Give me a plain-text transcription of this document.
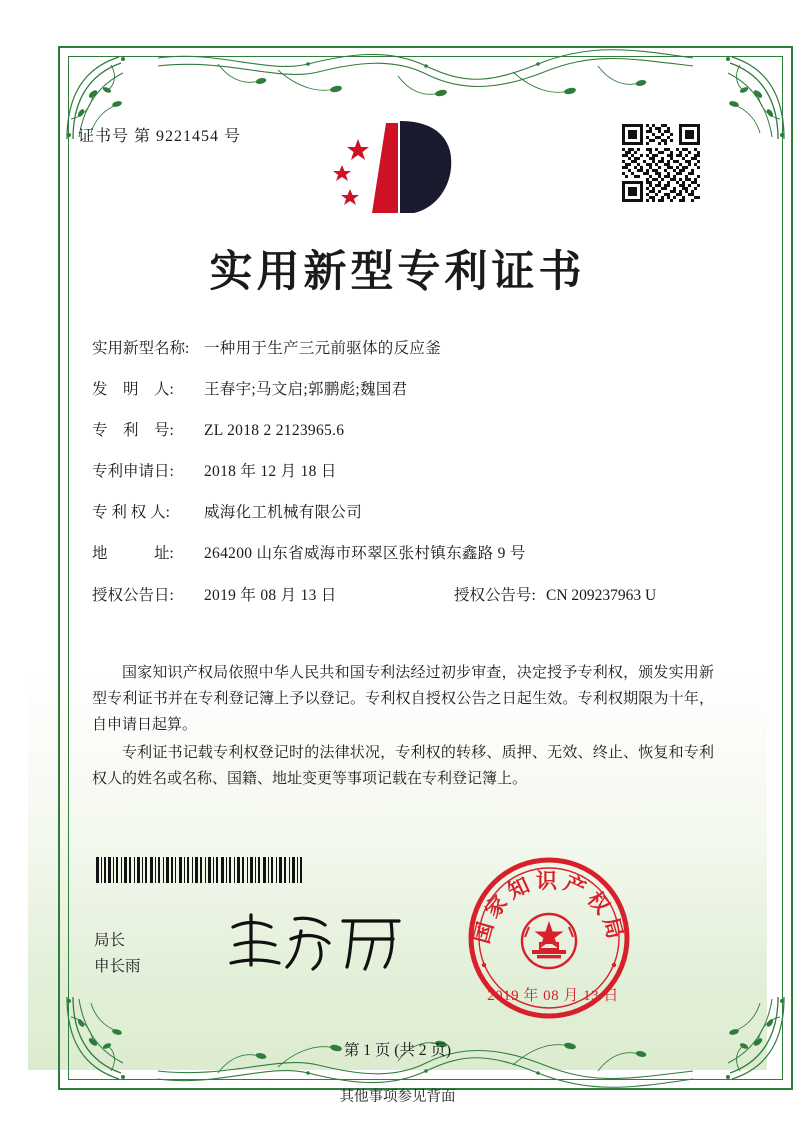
证书号 第 9221454 号
实用新型专利证书
实用新型名称: 一种用于生产三元前驱体的反应釜
发　明　人:	王春宇;马文启;郭鹏彪;魏国君
专　利　号:	ZL 2018 2 2123965.6
专利申请日:	2018 年 12 月 18 日
专 利 权 人:	威海化工机械有限公司
地　　　址:	264200 山东省威海市环翠区张村镇东鑫路 9 号
授权公告日:	2019 年 08 月 13 日	授权公告号: CN 209237963 U

国家知识产权局依照中华人民共和国专利法经过初步审查，决定授予专利权，颁发实用新型专利证书并在专利登记簿上予以登记。专利权自授权公告之日起生效。专利权期限为十年，自申请日起算。

专利证书记载专利权登记时的法律状况，专利权的转移、质押、无效、终止、恢复和专利权人的姓名或名称、国籍、地址变更等事项记载在专利登记簿上。

局长
申长雨
国家知识产权局
2019 年 08 月 13 日
第 1 页 (共 2 页)
其他事项参见背面
